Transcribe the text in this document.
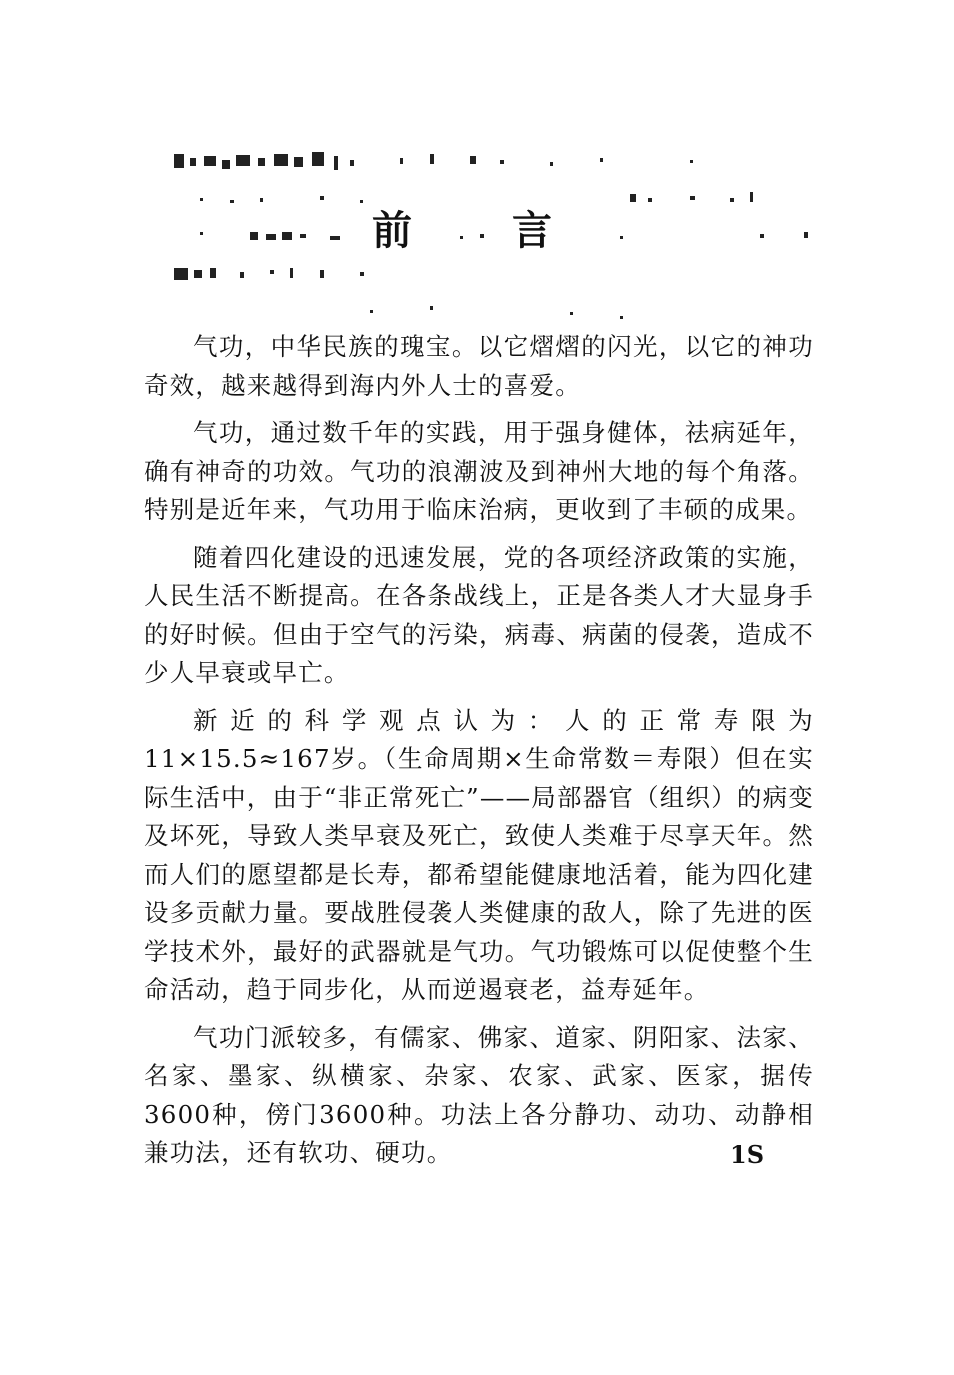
前	言

气功，中华民族的瑰宝。以它熠熠的闪光，以它的神功奇效，越来越得到海内外人士的喜爱。

气功，通过数千年的实践，用于强身健体，祛病延年，确有神奇的功效。气功的浪潮波及到神州大地的每个角落。特别是近年来，气功用于临床治病，更收到了丰硕的成果。

随着四化建设的迅速发展，党的各项经济政策的实施，人民生活不断提高。在各条战线上，正是各类人才大显身手的好时候。但由于空气的污染，病毒、病菌的侵袭，造成不少人早衰或早亡。

新近的科学观点认为：人的正常寿限为11×15.5≈167岁。（生命周期×生命常数＝寿限）但在实际生活中，由于“非正常死亡”——局部器官（组织）的病变及坏死，导致人类早衰及死亡，致使人类难于尽享天年。然而人们的愿望都是长寿，都希望能健康地活着，能为四化建设多贡献力量。要战胜侵袭人类健康的敌人，除了先进的医学技术外，最好的武器就是气功。气功锻炼可以促使整个生命活动，趋于同步化，从而逆遏衰老，益寿延年。

气功门派较多，有儒家、佛家、道家、阴阳家、法家、名家、墨家、纵横家、杂家、农家、武家、医家，据传3600种，傍门3600种。功法上各分静功、动功、动静相兼功法，还有软功、硬功。	1S
